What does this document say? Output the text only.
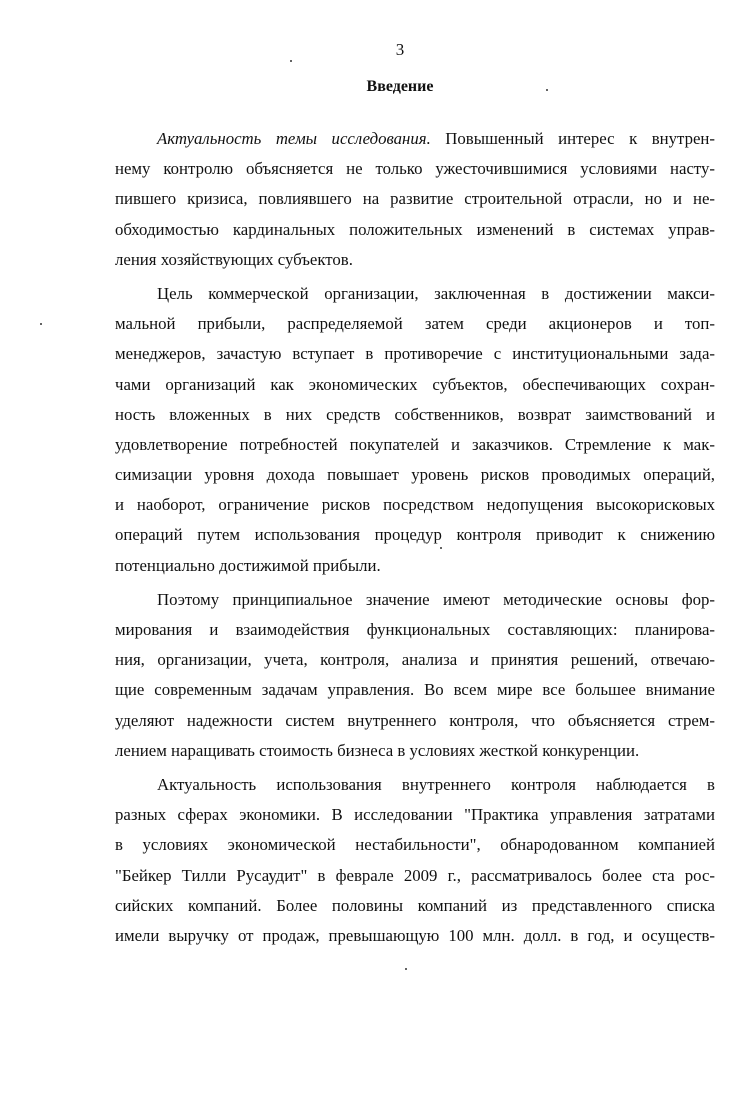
3
Введение
Актуальность темы исследования. Повышенный интерес к внутрен-
нему контролю объясняется не только ужесточившимися условиями насту-
пившего кризиса, повлиявшего на развитие строительной отрасли, но и не-
обходимостью кардинальных положительных изменений в системах управ-
ления хозяйствующих субъектов.
Цель коммерческой организации, заключенная в достижении макси-
мальной прибыли, распределяемой затем среди акционеров и топ-
менеджеров, зачастую вступает в противоречие с институциональными зада-
чами организаций как экономических субъектов, обеспечивающих сохран-
ность вложенных в них средств собственников, возврат заимствований и
удовлетворение потребностей покупателей и заказчиков. Стремление к мак-
симизации уровня дохода повышает уровень рисков проводимых операций,
и наоборот, ограничение рисков посредством недопущения высокорисковых
операций путем использования процедур контроля приводит к снижению
потенциально достижимой прибыли.
Поэтому принципиальное значение имеют методические основы фор-
мирования и взаимодействия функциональных составляющих: планирова-
ния, организации, учета, контроля, анализа и принятия решений, отвечаю-
щие современным задачам управления. Во всем мире все большее внимание
уделяют надежности систем внутреннего контроля, что объясняется стрем-
лением наращивать стоимость бизнеса в условиях жесткой конкуренции.
Актуальность использования внутреннего контроля наблюдается в
разных сферах экономики. В исследовании "Практика управления затратами
в условиях экономической нестабильности", обнародованном компанией
"Бейкер Тилли Русаудит" в феврале 2009 г., рассматривалось более ста рос-
сийских компаний. Более половины компаний из представленного списка
имели выручку от продаж, превышающую 100 млн. долл. в год, и осуществ-
